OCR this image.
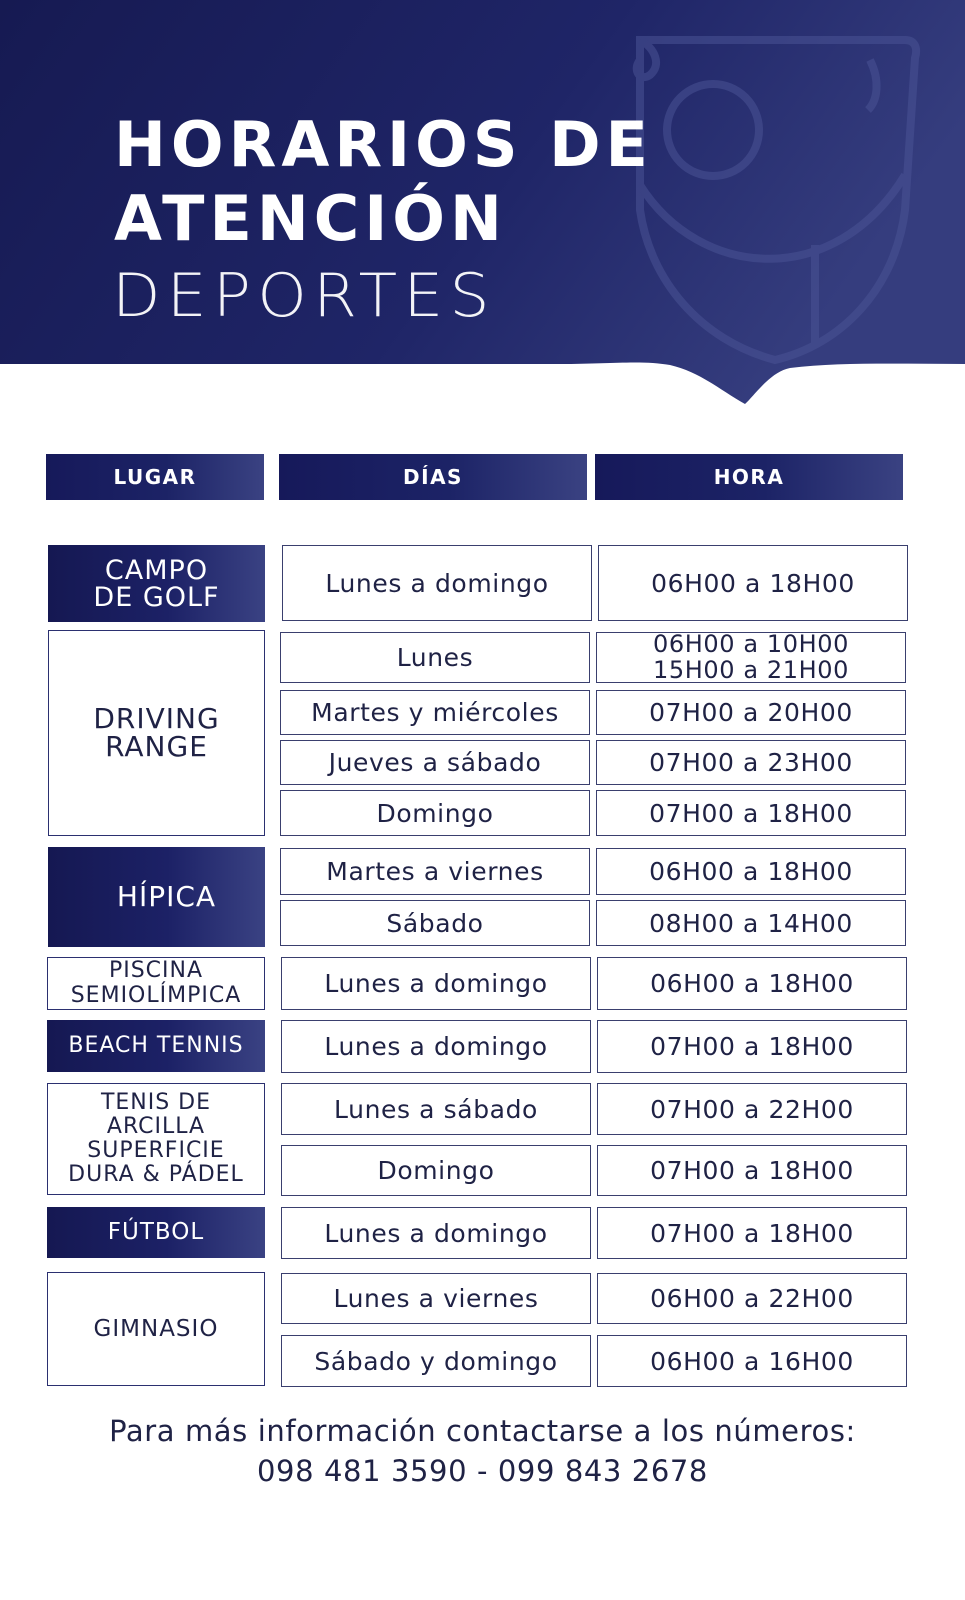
HORARIOS DE
ATENCIÓN
DEPORTES
LUGAR	DÍAS	HORA
CAMPO
DE GOLF	Lunes a domingo	06H00 a 18H00
DRIVING
RANGE
Lunes	06H00 a 10H00
15H00 a 21H00
Martes y miércoles	07H00 a 20H00
Jueves a sábado	07H00 a 23H00
Domingo	07H00 a 18H00
HÍPICA
Martes a viernes	06H00 a 18H00
Sábado	08H00 a 14H00
PISCINA
SEMIOLÍMPICA	Lunes a domingo	06H00 a 18H00
BEACH TENNIS	Lunes a domingo	07H00 a 18H00
TENIS DE
ARCILLA
SUPERFICIE
DURA & PÁDEL
Lunes a sábado	07H00 a 22H00
Domingo	07H00 a 18H00
FÚTBOL	Lunes a domingo	07H00 a 18H00
GIMNASIO
Lunes a viernes	06H00 a 22H00
Sábado y domingo	06H00 a 16H00
Para más información contactarse a los números:
098 481 3590 - 099 843 2678
